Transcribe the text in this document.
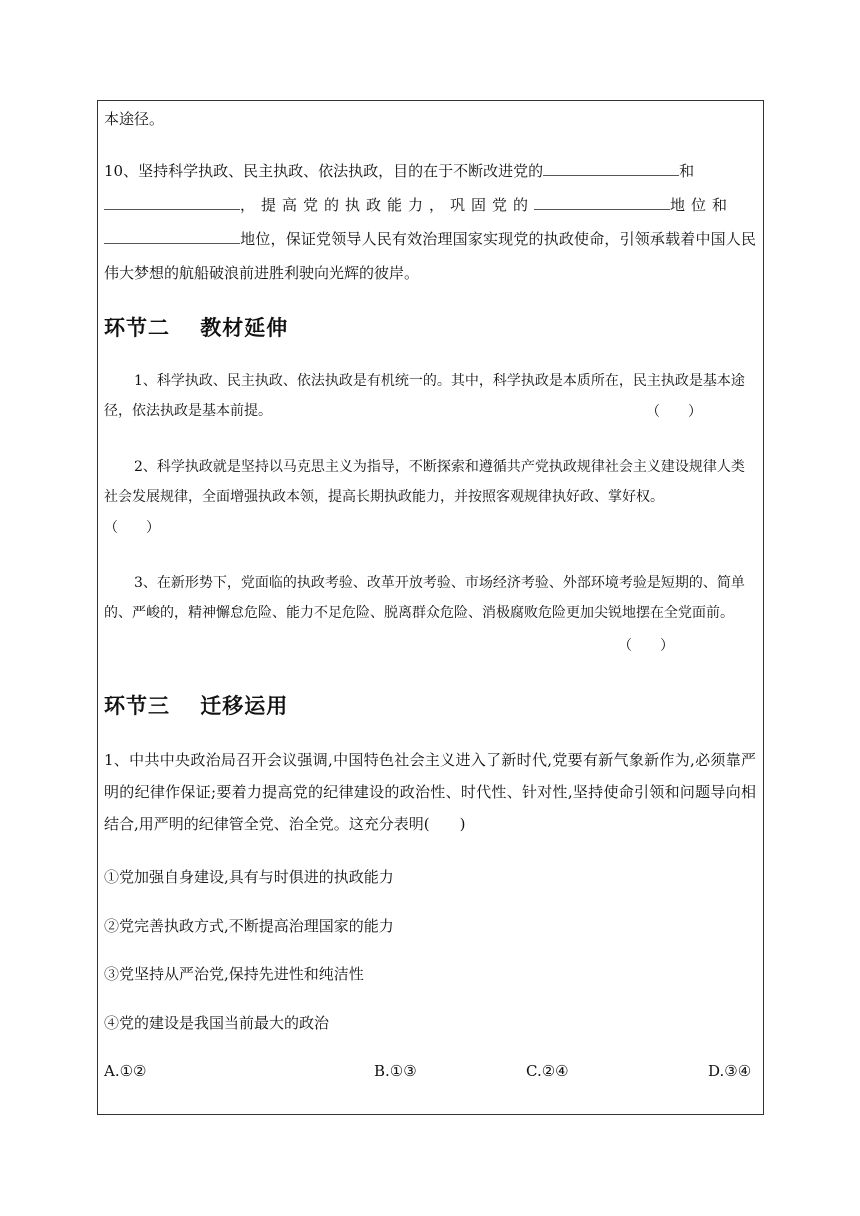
本途径。

10、坚持科学执政、民主执政、依法执政，目的在于不断改进党的	和
，提高党的执政能力，巩固党的	地位和
地位，保证党领导人民有效治理国家实现党的执政使命，引领承载着中国人民伟大梦想的航船破浪前进胜利驶向光辉的彼岸。

环节二　 教材延伸

1、科学执政、民主执政、依法执政是有机统一的。其中，科学执政是本质所在，民主执政是基本途径，依法执政是基本前提。	（　　）

2、科学执政就是坚持以马克思主义为指导，不断探索和遵循共产党执政规律社会主义建设规律人类社会发展规律，全面增强执政本领，提高长期执政能力，并按照客观规律执好政、掌好权。

（　　）

3、在新形势下，党面临的执政考验、改革开放考验、市场经济考验、外部环境考验是短期的、简单的、严峻的，精神懈怠危险、能力不足危险、脱离群众危险、消极腐败危险更加尖锐地摆在全党面前。

（　　）
环节三　 迁移运用

1、中共中央政治局召开会议强调,中国特色社会主义进入了新时代,党要有新气象新作为,必须靠严明的纪律作保证;要着力提高党的纪律建设的政治性、时代性、针对性,坚持使命引领和问题导向相结合,用严明的纪律管全党、治全党。这充分表明(　　)

①党加强自身建设,具有与时俱进的执政能力

②党完善执政方式,不断提高治理国家的能力

③党坚持从严治党,保持先进性和纯洁性

④党的建设是我国当前最大的政治

A.①②	B.①③	C.②④	D.③④
